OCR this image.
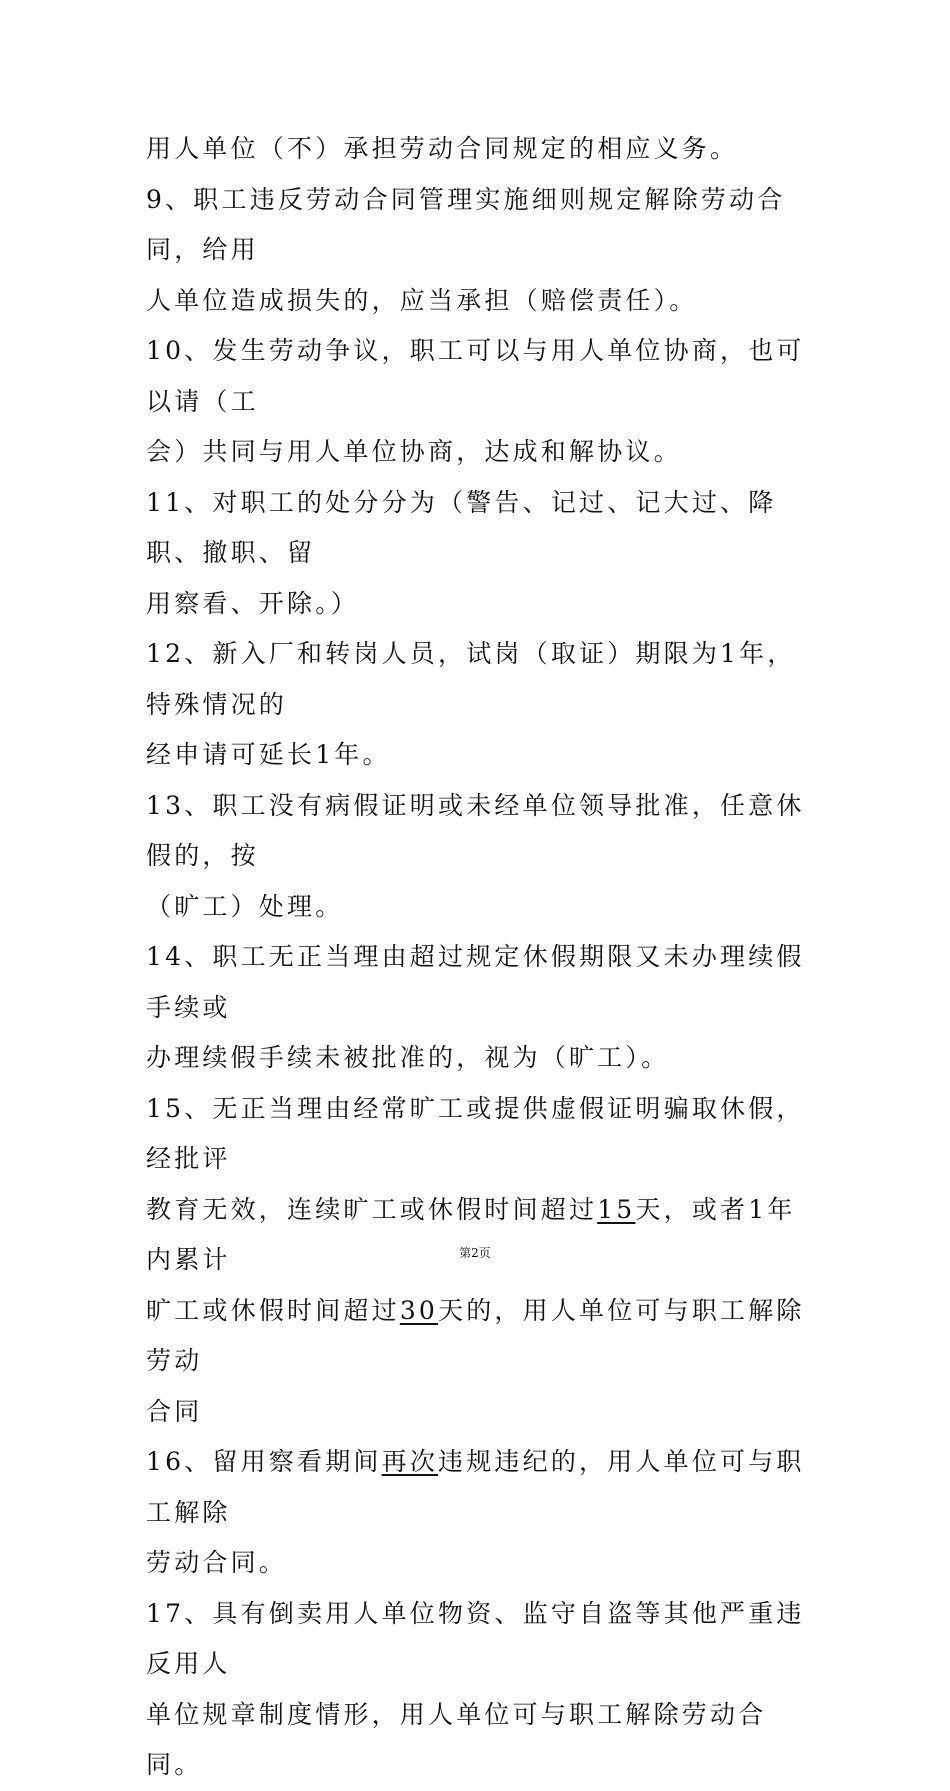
用人单位（不）承担劳动合同规定的相应义务。
9、职工违反劳动合同管理实施细则规定解除劳动合同，给用
人单位造成损失的，应当承担（赔偿责任）。
10、发生劳动争议，职工可以与用人单位协商，也可以请（工
会）共同与用人单位协商，达成和解协议。
11、对职工的处分分为（警告、记过、记大过、降职、撤职、留
用察看、开除。）
12、新入厂和转岗人员，试岗（取证）期限为1年，特殊情况的
经申请可延长1年。
13、职工没有病假证明或未经单位领导批准，任意休假的，按
（旷工）处理。
14、职工无正当理由超过规定休假期限又未办理续假手续或
办理续假手续未被批准的，视为（旷工）。
15、无正当理由经常旷工或提供虚假证明骗取休假，经批评
教育无效，连续旷工或休假时间超过15天，或者1年内累计
旷工或休假时间超过30天的，用人单位可与职工解除劳动
合同
16、留用察看期间再次违规违纪的，用人单位可与职工解除
劳动合同。
17、具有倒卖用人单位物资、监守自盗等其他严重违反用人
单位规章制度情形，用人单位可与职工解除劳动合同。
第2页
